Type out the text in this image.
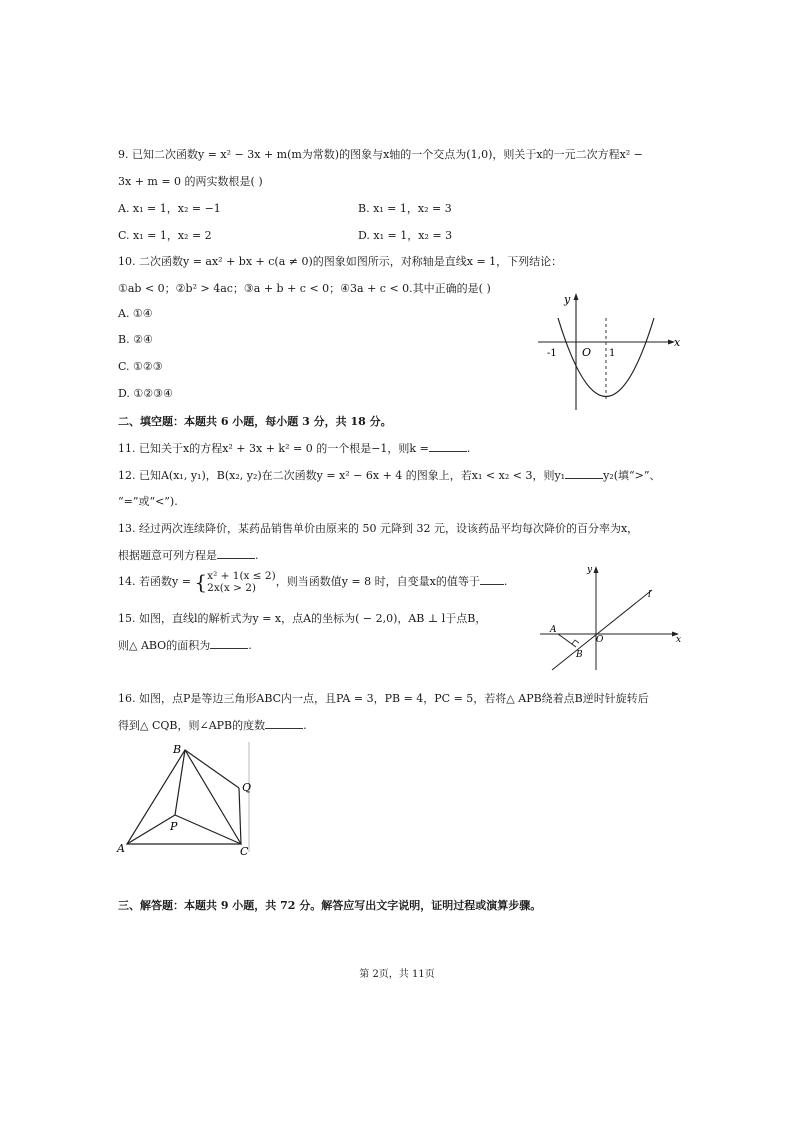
9. 已知二次函数y = x² − 3x + m(m为常数)的图象与x轴的一个交点为(1,0)，则关于x的一元二次方程x² −
3x + m = 0 的两实数根是( )
A. x₁ = 1，x₂ = −1	B. x₁ = 1，x₂ = 3
C. x₁ = 1，x₂ = 2	D. x₁ = 1，x₂ = 3
10. 二次函数y = ax² + bx + c(a ≠ 0)的图象如图所示，对称轴是直线x = 1，下列结论：
①ab < 0；②b² > 4ac；③a + b + c < 0；④3a + c < 0.其中正确的是( )
A. ①④
B. ②④
C. ①②③
D. ①②③④
y
x
O
-1	1
二、填空题：本题共 6 小题，每小题 3 分，共 18 分。
11. 已知关于x的方程x² + 3x + k² = 0 的一个根是−1，则k =	.
12. 已知A(x₁, y₁)，B(x₂, y₂)在二次函数y = x² − 6x + 4 的图象上，若x₁ < x₂ < 3，则y₁	y₂(填“>”、
“=”或“<”).
13. 经过两次连续降价，某药品销售单价由原来的 50 元降到 32 元，设该药品平均每次降价的百分率为x，
根据题意可列方程是	.
14. 若函数y = {x² + 1(x ≤ 2)
2x(x > 2) ，则当函数值y = 8 时，自变量x的值等于 .
15. 如图，直线l的解析式为y = x，点A的坐标为( − 2,0)，AB ⊥ l于点B，
则△ ABO的面积为	.
y
x
l
A
B
O
16. 如图，点P是等边三角形ABC内一点，且PA = 3，PB = 4，PC = 5，若将△ APB绕着点B逆时针旋转后
得到△ CQB，则∠APB的度数	.
B
A	C
P
Q
三、解答题：本题共 9 小题，共 72 分。解答应写出文字说明，证明过程或演算步骤。
第 2页，共 11页
